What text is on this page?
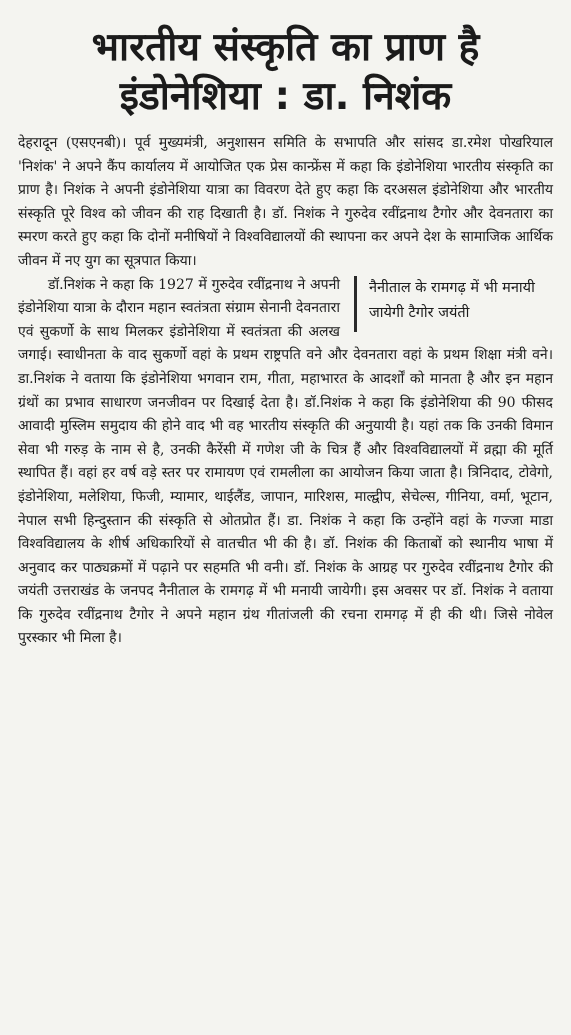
भारतीय संस्कृति का प्राण है
इंडोनेशिया : डा. निशंक

देहरादून (एसएनबी)। पूर्व मुख्यमंत्री, अनुशासन समिति के सभापति और सांसद डा.रमेश पोखरियाल 'निशंक' ने अपने कैंप कार्यालय में आयोजित एक प्रेस कान्फ्रेंस में कहा कि इंडोनेशिया भारतीय संस्कृति का प्राण है। निशंक ने अपनी इंडोनेशिया यात्रा का विवरण देते हुए कहा कि दरअसल इंडोनेशिया और भारतीय संस्कृति पूरे विश्व को जीवन की राह दिखाती है। डॉ. निशंक ने गुरुदेव रवींद्रनाथ टैगोर और देवनतारा का स्मरण करते हुए कहा कि दोनों मनीषियों ने विश्वविद्यालयों की स्थापना कर अपने देश के सामाजिक आर्थिक जीवन में नए युग का सूत्रपात किया।

नैनीताल के रामगढ़ में भी मनायी जायेगी टैगोर जयंती

डॉ.निशंक ने कहा कि 1927 में गुरुदेव रवींद्रनाथ ने अपनी इंडोनेशिया यात्रा के दौरान महान स्वतंत्रता संग्राम सेनानी देवनतारा एवं सुकर्णो के साथ मिलकर इंडोनेशिया में स्वतंत्रता की अलख जगाई। स्वाधीनता के वाद सुकर्णो वहां के प्रथम राष्ट्रपति वने और देवनतारा वहां के प्रथम शिक्षा मंत्री वने। डा.निशंक ने वताया कि इंडोनेशिया भगवान राम, गीता, महाभारत के आदर्शों को मानता है और इन महान ग्रंथों का प्रभाव साधारण जनजीवन पर दिखाई देता है। डॉ.निशंक ने कहा कि इंडोनेशिया की 90 फीसद आवादी मुस्लिम समुदाय की होने वाद भी वह भारतीय संस्कृति की अनुयायी है। यहां तक कि उनकी विमान सेवा भी गरुड़ के नाम से है, उनकी कैरेंसी में गणेश जी के चित्र हैं और विश्वविद्यालयों में व्रह्मा की मूर्ति स्थापित हैं। वहां हर वर्ष वड़े स्तर पर रामायण एवं रामलीला का आयोजन किया जाता है। त्रिनिदाद, टोवेगो, इंडोनेशिया, मलेशिया, फिजी, म्यामार, थाईलैंड, जापान, मारिशस, माल्द्वीप, सेचेल्स, गीनिया, वर्मा, भूटान, नेपाल सभी हिन्दुस्तान की संस्कृति से ओतप्रोत हैं। डा. निशंक ने कहा कि उन्होंने वहां के गज्जा माडा विश्वविद्यालय के शीर्ष अधिकारियों से वातचीत भी की है। डॉ. निशंक की किताबों को स्थानीय भाषा में अनुवाद कर पाठ्यक्रमों में पढ़ाने पर सहमति भी वनी। डॉ. निशंक के आग्रह पर गुरुदेव रवींद्रनाथ टैगोर की जयंती उत्तराखंड के जनपद नैनीताल के रामगढ़ में भी मनायी जायेगी। इस अवसर पर डॉ. निशंक ने वताया कि गुरुदेव रवींद्रनाथ टैगोर ने अपने महान ग्रंथ गीतांजली की रचना रामगढ़ में ही की थी। जिसे नोवेल पुरस्कार भी मिला है।
